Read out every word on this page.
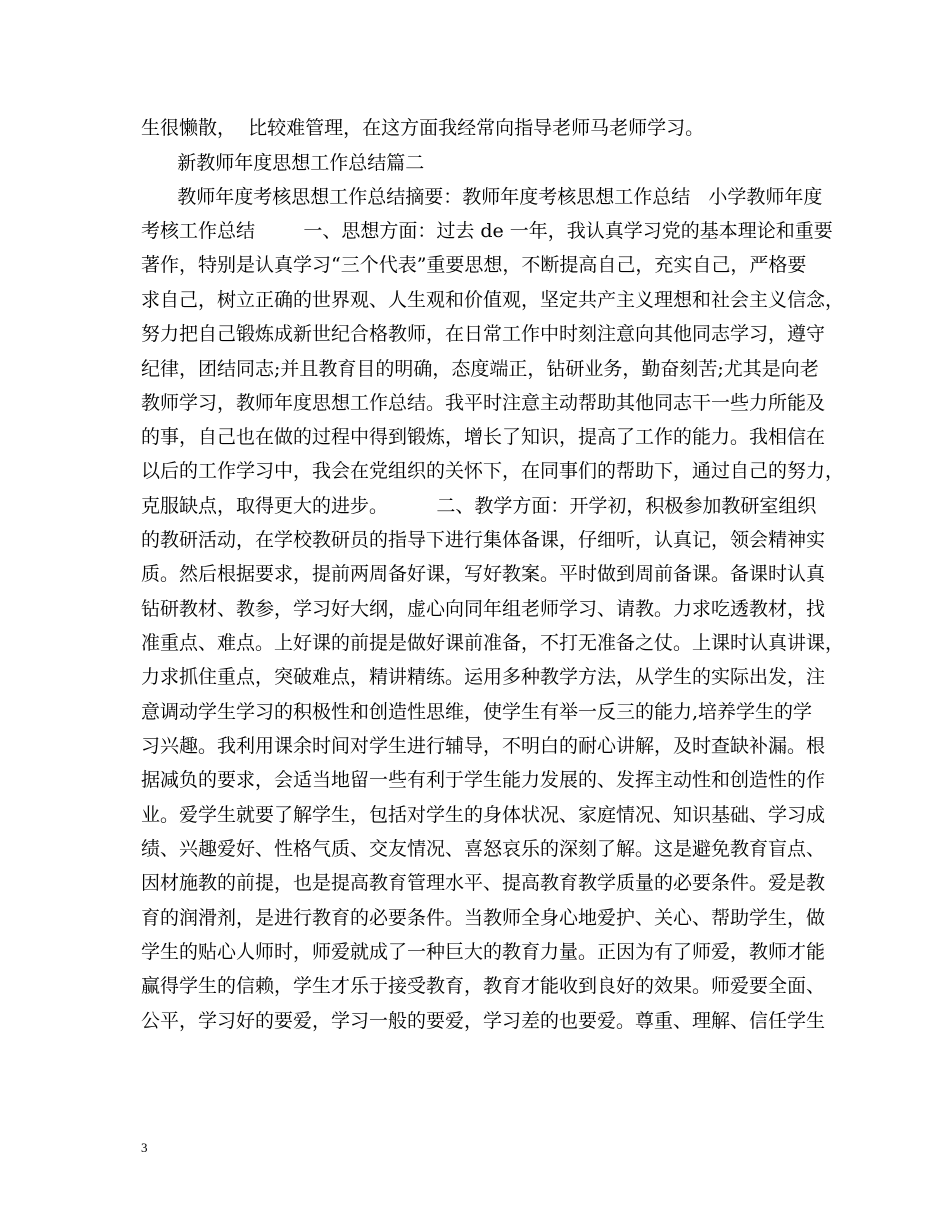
生很懒散，  比较难管理，在这方面我经常向指导老师马老师学习。
新教师年度思想工作总结篇二
教师年度考核思想工作总结摘要：教师年度考核思想工作总结   小学教师年度
考核工作总结        一、思想方面：过去 de 一年，我认真学习党的基本理论和重要
著作，特别是认真学习“三个代表”重要思想，不断提高自己，充实自己，严格要
求自己，树立正确的世界观、人生观和价值观，坚定共产主义理想和社会主义信念，
努力把自己锻炼成新世纪合格教师，在日常工作中时刻注意向其他同志学习，遵守
纪律，团结同志;并且教育目的明确，态度端正，钻研业务，勤奋刻苦;尤其是向老
教师学习，教师年度思想工作总结。我平时注意主动帮助其他同志干一些力所能及
的事，自己也在做的过程中得到锻炼，增长了知识，提高了工作的能力。我相信在
以后的工作学习中，我会在党组织的关怀下，在同事们的帮助下，通过自己的努力，
克服缺点，取得更大的进步。        二、教学方面：开学初，积极参加教研室组织
的教研活动，在学校教研员的指导下进行集体备课，仔细听，认真记，领会精神实
质。然后根据要求，提前两周备好课，写好教案。平时做到周前备课。备课时认真
钻研教材、教参，学习好大纲，虚心向同年组老师学习、请教。力求吃透教材，找
准重点、难点。上好课的前提是做好课前准备，不打无准备之仗。上课时认真讲课，
力求抓住重点，突破难点，精讲精练。运用多种教学方法，从学生的实际出发，注
意调动学生学习的积极性和创造性思维，使学生有举一反三的能力,培养学生的学
习兴趣。我利用课余时间对学生进行辅导，不明白的耐心讲解，及时查缺补漏。根
据减负的要求，会适当地留一些有利于学生能力发展的、发挥主动性和创造性的作
业。爱学生就要了解学生，包括对学生的身体状况、家庭情况、知识基础、学习成
绩、兴趣爱好、性格气质、交友情况、喜怒哀乐的深刻了解。这是避免教育盲点、
因材施教的前提，也是提高教育管理水平、提高教育教学质量的必要条件。爱是教
育的润滑剂，是进行教育的必要条件。当教师全身心地爱护、关心、帮助学生，做
学生的贴心人师时，师爱就成了一种巨大的教育力量。正因为有了师爱，教师才能
赢得学生的信赖，学生才乐于接受教育，教育才能收到良好的效果。师爱要全面、
公平，学习好的要爱，学习一般的要爱，学习差的也要爱。尊重、理解、信任学生
3
